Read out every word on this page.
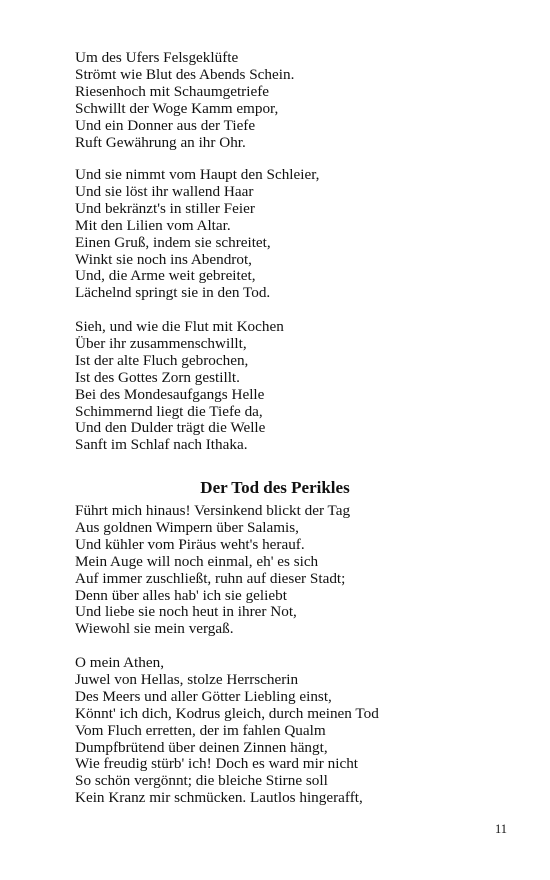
Um des Ufers Felsgeklüfte
Strömt wie Blut des Abends Schein.
Riesenhoch mit Schaumgetriefe
Schwillt der Woge Kamm empor,
Und ein Donner aus der Tiefe
Ruft Gewährung an ihr Ohr.
Und sie nimmt vom Haupt den Schleier,
Und sie löst ihr wallend Haar
Und bekränzt's in stiller Feier
Mit den Lilien vom Altar.
Einen Gruß, indem sie schreitet,
Winkt sie noch ins Abendrot,
Und, die Arme weit gebreitet,
Lächelnd springt sie in den Tod.
Sieh, und wie die Flut mit Kochen
Über ihr zusammenschwillt,
Ist der alte Fluch gebrochen,
Ist des Gottes Zorn gestillt.
Bei des Mondesaufgangs Helle
Schimmernd liegt die Tiefe da,
Und den Dulder trägt die Welle
Sanft im Schlaf nach Ithaka.
Der Tod des Perikles
Führt mich hinaus! Versinkend blickt der Tag
Aus goldnen Wimpern über Salamis,
Und kühler vom Piräus weht's herauf.
Mein Auge will noch einmal, eh' es sich
Auf immer zuschließt, ruhn auf dieser Stadt;
Denn über alles hab' ich sie geliebt
Und liebe sie noch heut in ihrer Not,
Wiewohl sie mein vergaß.
O mein Athen,
Juwel von Hellas, stolze Herrscherin
Des Meers und aller Götter Liebling einst,
Könnt' ich dich, Kodrus gleich, durch meinen Tod
Vom Fluch erretten, der im fahlen Qualm
Dumpfbrütend über deinen Zinnen hängt,
Wie freudig stürb' ich! Doch es ward mir nicht
So schön vergönnt; die bleiche Stirne soll
Kein Kranz mir schmücken. Lautlos hingerafft,
11
